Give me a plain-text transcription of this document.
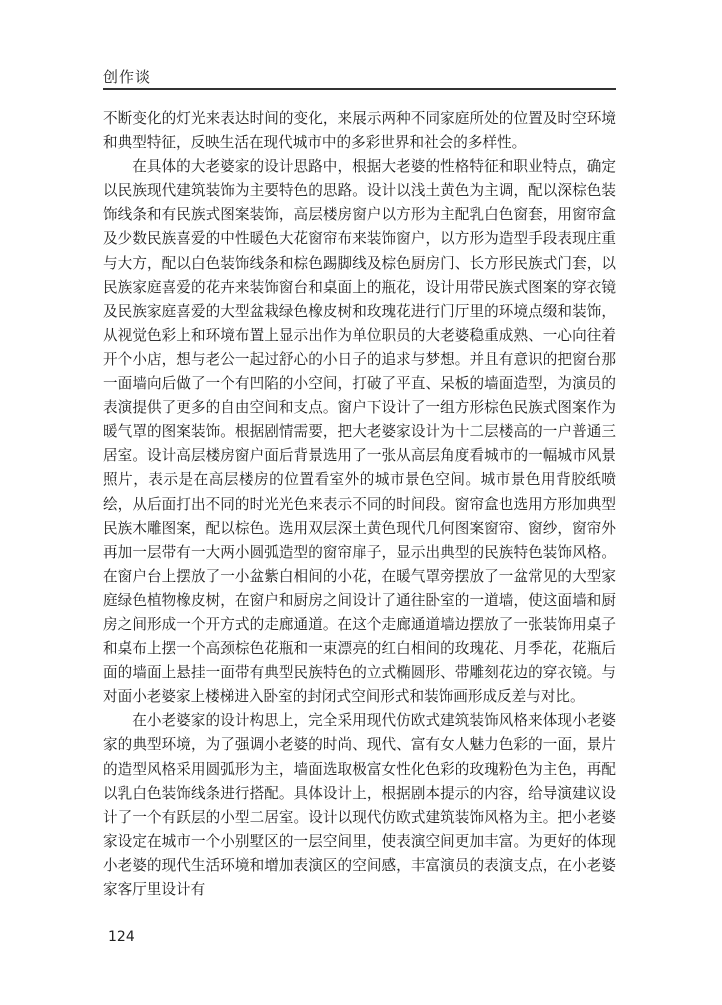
创作谈

不断变化的灯光来表达时间的变化，来展示两种不同家庭所处的位置及时空环境和典型特征，反映生活在现代城市中的多彩世界和社会的多样性。

在具体的大老婆家的设计思路中，根据大老婆的性格特征和职业特点，确定以民族现代建筑装饰为主要特色的思路。设计以浅土黄色为主调，配以深棕色装饰线条和有民族式图案装饰，高层楼房窗户以方形为主配乳白色窗套，用窗帘盒及少数民族喜爱的中性暖色大花窗帘布来装饰窗户，以方形为造型手段表现庄重与大方，配以白色装饰线条和棕色踢脚线及棕色厨房门、长方形民族式门套，以民族家庭喜爱的花卉来装饰窗台和桌面上的瓶花，设计用带民族式图案的穿衣镜及民族家庭喜爱的大型盆栽绿色橡皮树和玫瑰花进行门厅里的环境点缀和装饰，从视觉色彩上和环境布置上显示出作为单位职员的大老婆稳重成熟、一心向往着开个小店，想与老公一起过舒心的小日子的追求与梦想。并且有意识的把窗台那一面墙向后做了一个有凹陷的小空间，打破了平直、呆板的墙面造型，为演员的表演提供了更多的自由空间和支点。窗户下设计了一组方形棕色民族式图案作为暖气罩的图案装饰。根据剧情需要，把大老婆家设计为十二层楼高的一户普通三居室。设计高层楼房窗户面后背景选用了一张从高层角度看城市的一幅城市风景照片，表示是在高层楼房的位置看室外的城市景色空间。城市景色用背胶纸喷绘，从后面打出不同的时光光色来表示不同的时间段。窗帘盒也选用方形加典型民族木雕图案，配以棕色。选用双层深土黄色现代几何图案窗帘、窗纱，窗帘外再加一层带有一大两小圆弧造型的窗帘扉子，显示出典型的民族特色装饰风格。在窗户台上摆放了一小盆紫白相间的小花，在暖气罩旁摆放了一盆常见的大型家庭绿色植物橡皮树，在窗户和厨房之间设计了通往卧室的一道墙，使这面墙和厨房之间形成一个开方式的走廊通道。在这个走廊通道墙边摆放了一张装饰用桌子和桌布上摆一个高颈棕色花瓶和一束漂亮的红白相间的玫瑰花、月季花，花瓶后面的墙面上悬挂一面带有典型民族特色的立式椭圆形、带雕刻花边的穿衣镜。与对面小老婆家上楼梯进入卧室的封闭式空间形式和装饰画形成反差与对比。

在小老婆家的设计构思上，完全采用现代仿欧式建筑装饰风格来体现小老婆家的典型环境，为了强调小老婆的时尚、现代、富有女人魅力色彩的一面，景片的造型风格采用圆弧形为主，墙面选取极富女性化色彩的玫瑰粉色为主色，再配以乳白色装饰线条进行搭配。具体设计上，根据剧本提示的内容，给导演建议设计了一个有跃层的小型二居室。设计以现代仿欧式建筑装饰风格为主。把小老婆家设定在城市一个小别墅区的一层空间里，使表演空间更加丰富。为更好的体现小老婆的现代生活环境和增加表演区的空间感，丰富演员的表演支点，在小老婆家客厅里设计有

124
